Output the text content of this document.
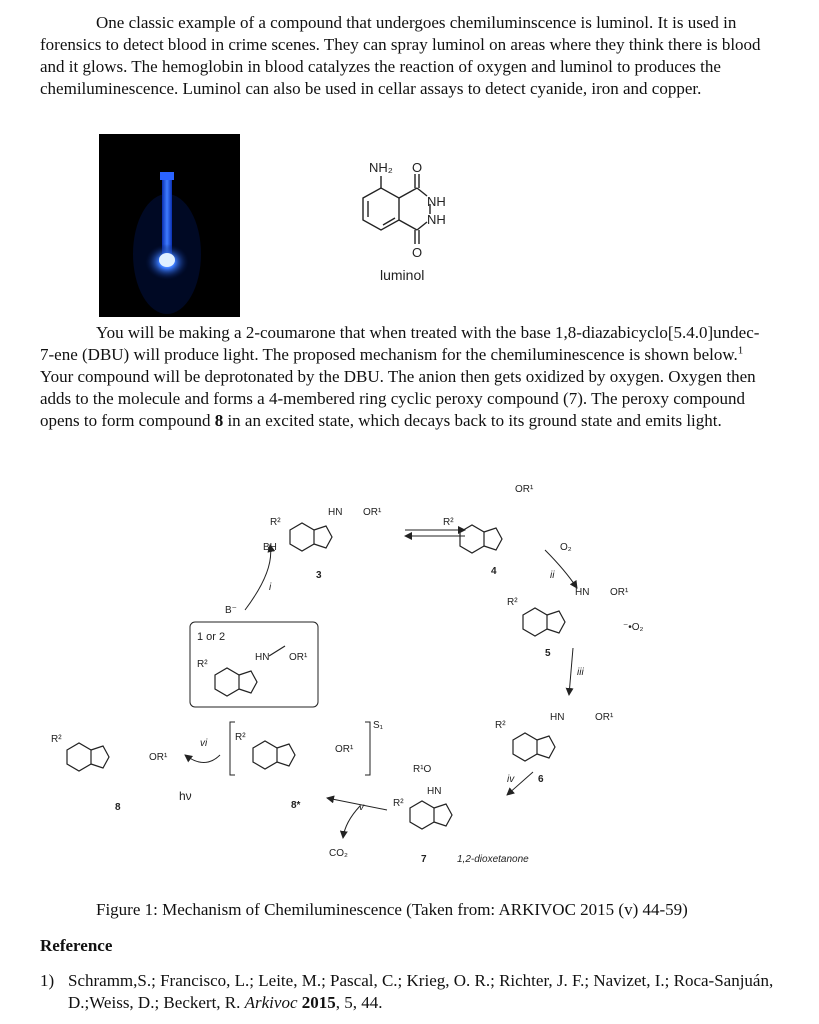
One classic example of a compound that undergoes chemiluminscence is luminol. It is used in forensics to detect blood in crime scenes. They can spray luminol on areas where they think there is blood and it glows. The hemoglobin in blood catalyzes the reaction of oxygen and luminol to produces the chemiluminescence. Luminol can also be used in cellar assays to detect cyanide, iron and copper.

NH₂ O
NH
NH
O
luminol

You will be making a 2-coumarone that when treated with the base 1,8-diazabicyclo[5.4.0]undec-7-ene (DBU) will produce light. The proposed mechanism for the chemiluminescence is shown below.$^1$ Your compound will be deprotonated by the DBU. The anion then gets oxidized by oxygen. Oxygen then adds to the molecule and forms a 4-membered ring cyclic peroxy compound (7). The peroxy compound opens to form compound 8 in an excited state, which decays back to its ground state and emits light.

1 or 2
R²
HN OR¹
R²
HN OR¹
3
R²
OR¹
4
BH
B⁻
i
O₂
ii
R²
HN OR¹
⁻•O₂
5
iii
R²
HN	OR¹
6
iv
R¹O
HN
R²
7	1,2-dioxetanone
v
CO₂
R²
OR¹
S₁
8*
vi
hν
R²
OR¹
8
Figure 1: Mechanism of Chemiluminescence (Taken from: ARKIVOC 2015 (v) 44-59)
Reference
1) Schramm,S.; Francisco, L.; Leite, M.; Pascal, C.; Krieg, O. R.; Richter, J. F.; Navizet, I.; Roca-Sanjuán, D.;Weiss, D.; Beckert, R. Arkivoc 2015, 5, 44.
